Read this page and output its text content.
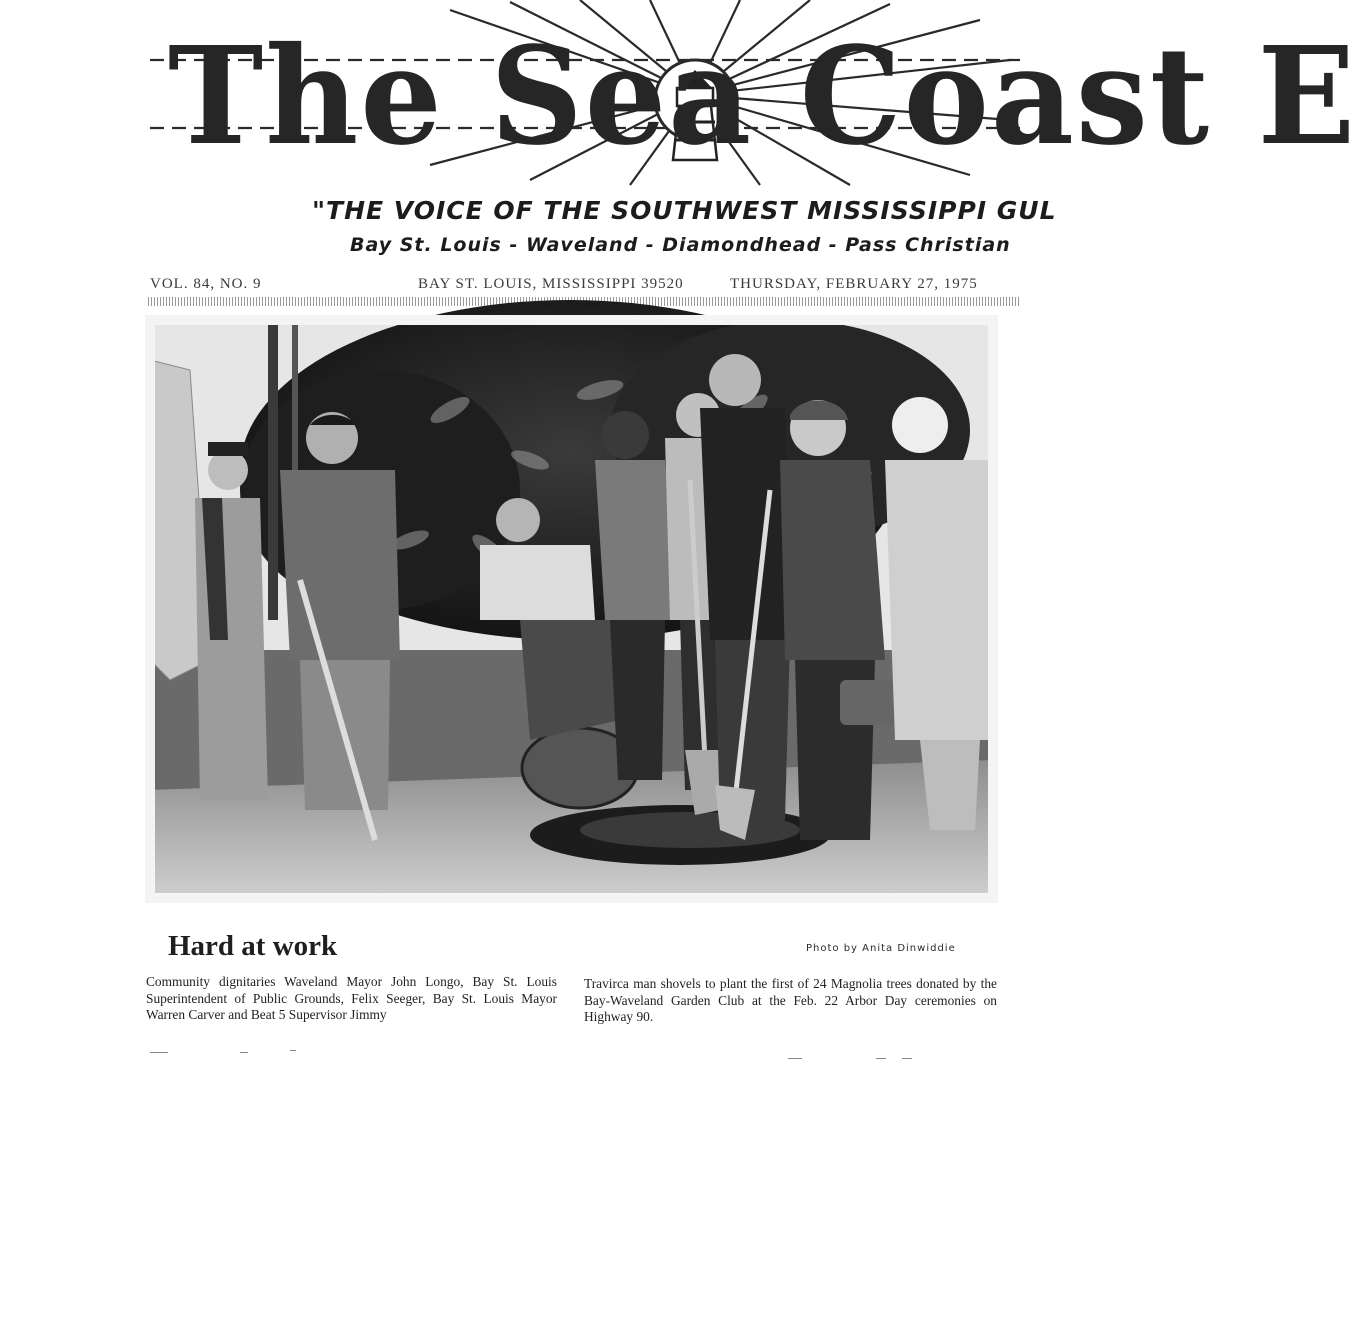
The Sea Coast E
"THE VOICE OF THE SOUTHWEST MISSISSIPPI GUL
Bay St. Louis - Waveland - Diamondhead - Pass Christian
VOL. 84, NO. 9	BAY ST. LOUIS, MISSISSIPPI 39520	THURSDAY, FEBRUARY 27, 1975
Hard at work	Photo by Anita Dinwiddie
Community dignitaries Waveland Mayor John Longo, Bay St. Louis Superintendent of Public Grounds, Felix Seeger, Bay St. Louis Mayor Warren Carver and Beat 5 Supervisor Jimmy
Travirca man shovels to plant the first of 24 Magnolia trees donated by the Bay-Waveland Garden Club at the Feb. 22 Arbor Day ceremonies on Highway 90.
